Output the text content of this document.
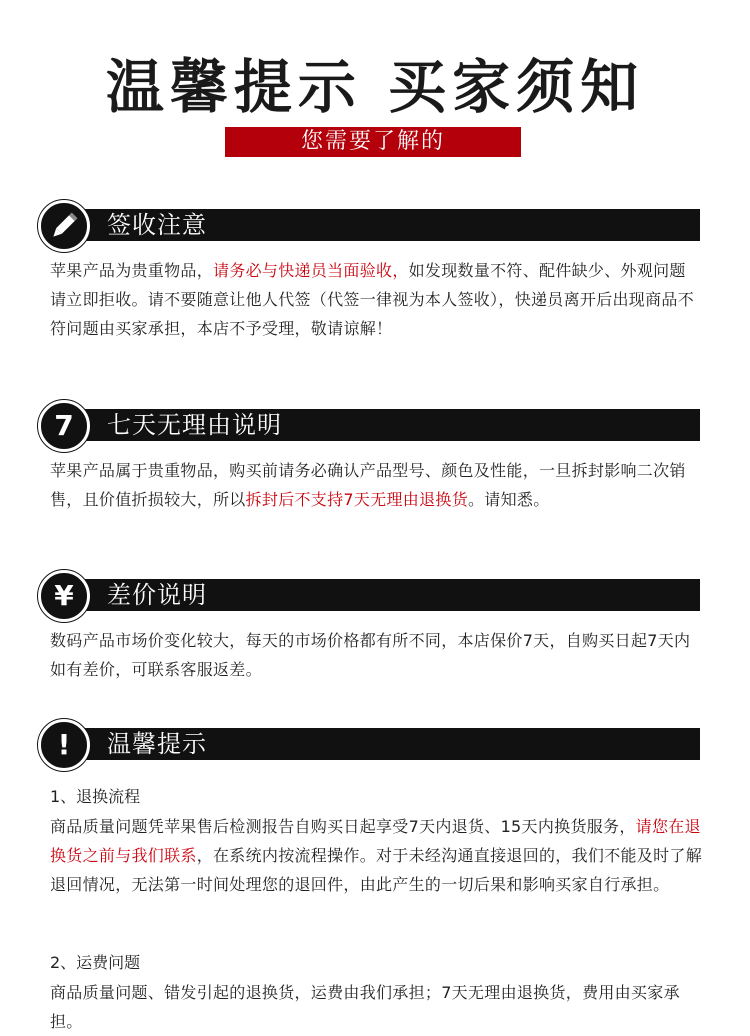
温馨提示 买家须知
您需要了解的
签收注意
苹果产品为贵重物品，请务必与快递员当面验收，如发现数量不符、配件缺少、外观问题请立即拒收。请不要随意让他人代签（代签一律视为本人签收），快递员离开后出现商品不符问题由买家承担，本店不予受理，敬请谅解！
7	七天无理由说明
苹果产品属于贵重物品，购买前请务必确认产品型号、颜色及性能，一旦拆封影响二次销售，且价值折损较大，所以拆封后不支持7天无理由退换货。请知悉。
¥	差价说明
数码产品市场价变化较大，每天的市场价格都有所不同，本店保价7天，自购买日起7天内如有差价，可联系客服返差。
!	温馨提示
1、退换流程
商品质量问题凭苹果售后检测报告自购买日起享受7天内退货、15天内换货服务，请您在退换货之前与我们联系，在系统内按流程操作。对于未经沟通直接退回的，我们不能及时了解退回情况，无法第一时间处理您的退回件，由此产生的一切后果和影响买家自行承担。
2、运费问题
商品质量问题、错发引起的退换货，运费由我们承担；7天无理由退换货，费用由买家承担。
